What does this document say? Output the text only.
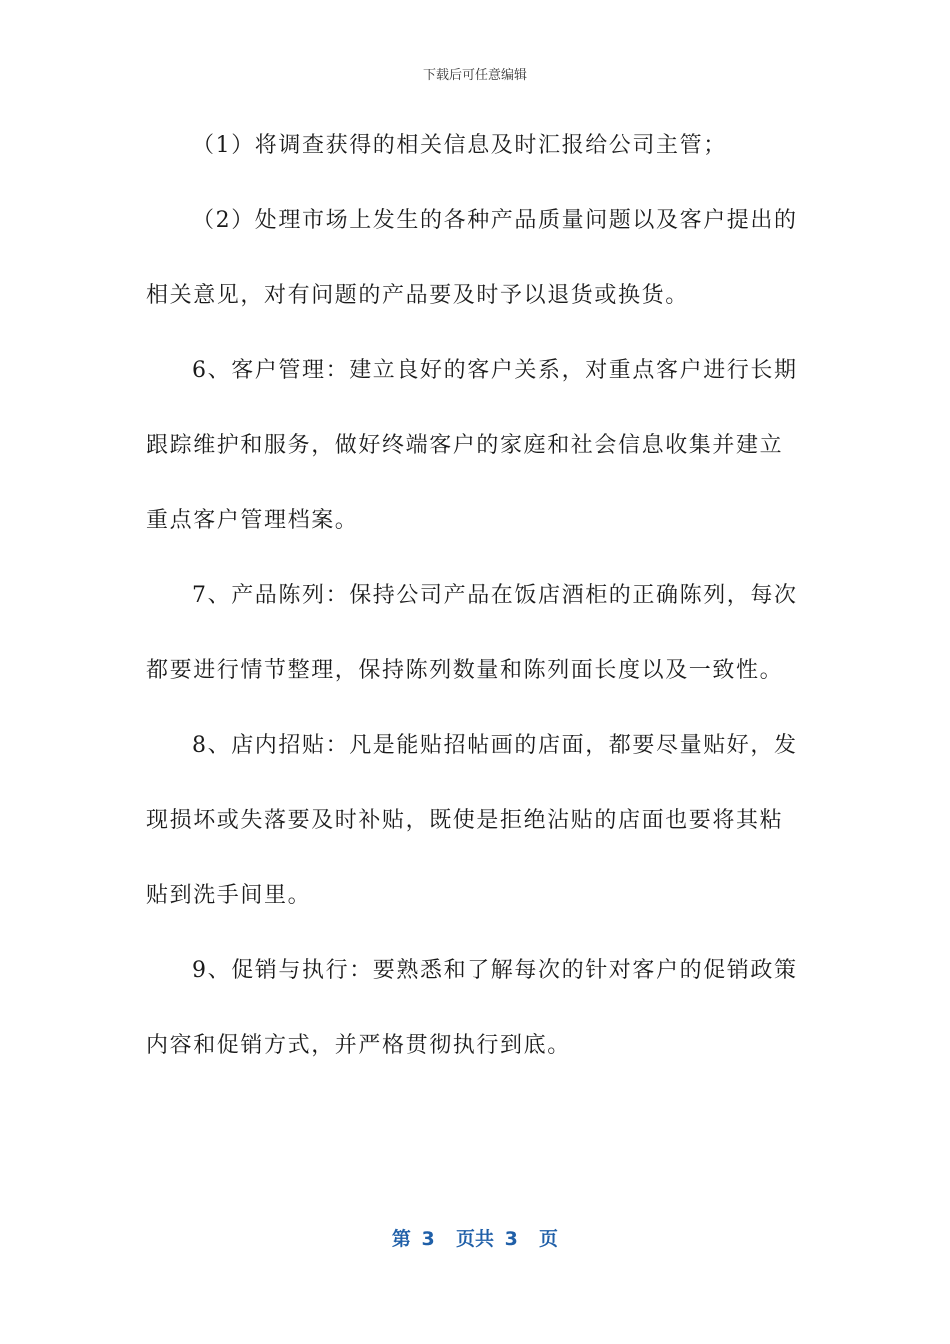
下载后可任意编辑
（1）将调查获得的相关信息及时汇报给公司主管；
（2）处理市场上发生的各种产品质量问题以及客户提出的
相关意见，对有问题的产品要及时予以退货或换货。
6、客户管理：建立良好的客户关系，对重点客户进行长期
跟踪维护和服务，做好终端客户的家庭和社会信息收集并建立
重点客户管理档案。
7、产品陈列：保持公司产品在饭店酒柜的正确陈列，每次
都要进行情节整理，保持陈列数量和陈列面长度以及一致性。
8、店内招贴：凡是能贴招帖画的店面，都要尽量贴好，发
现损坏或失落要及时补贴，既使是拒绝沾贴的店面也要将其粘
贴到洗手间里。
9、促销与执行：要熟悉和了解每次的针对客户的促销政策
内容和促销方式，并严格贯彻执行到底。
第 3  页共 3  页
